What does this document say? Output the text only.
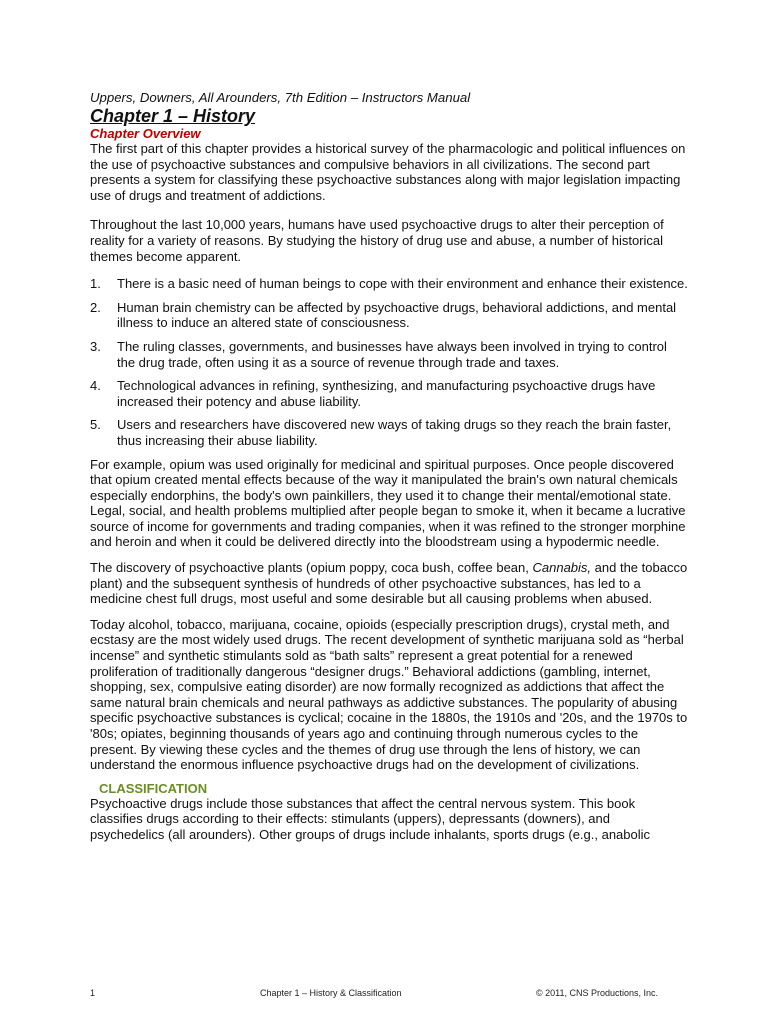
Uppers, Downers, All Arounders, 7th Edition – Instructors Manual

Chapter 1 – History
Chapter Overview

The first part of this chapter provides a historical survey of the pharmacologic and political influences on the use of psychoactive substances and compulsive behaviors in all civilizations. The second part presents a system for classifying these psychoactive substances along with major legislation impacting use of drugs and treatment of addictions.

Throughout the last 10,000 years, humans have used psychoactive drugs to alter their perception of reality for a variety of reasons. By studying the history of drug use and abuse, a number of historical themes become apparent.

1. There is a basic need of human beings to cope with their environment and enhance their existence.
2. Human brain chemistry can be affected by psychoactive drugs, behavioral addictions, and mental illness to induce an altered state of consciousness.
3. The ruling classes, governments, and businesses have always been involved in trying to control the drug trade, often using it as a source of revenue through trade and taxes.
4. Technological advances in refining, synthesizing, and manufacturing psychoactive drugs have increased their potency and abuse liability.
5. Users and researchers have discovered new ways of taking drugs so they reach the brain faster, thus increasing their abuse liability.

For example, opium was used originally for medicinal and spiritual purposes. Once people discovered that opium created mental effects because of the way it manipulated the brain's own natural chemicals especially endorphins, the body's own painkillers, they used it to change their mental/emotional state. Legal, social, and health problems multiplied after people began to smoke it, when it became a lucrative source of income for governments and trading companies, when it was refined to the stronger morphine and heroin and when it could be delivered directly into the bloodstream using a hypodermic needle.

The discovery of psychoactive plants (opium poppy, coca bush, coffee bean, Cannabis, and the tobacco plant) and the subsequent synthesis of hundreds of other psychoactive substances, has led to a medicine chest full drugs, most useful and some desirable but all causing problems when abused.

Today alcohol, tobacco, marijuana, cocaine, opioids (especially prescription drugs), crystal meth, and ecstasy are the most widely used drugs. The recent development of synthetic marijuana sold as “herbal incense” and synthetic stimulants sold as “bath salts” represent a great potential for a renewed proliferation of traditionally dangerous “designer drugs.” Behavioral addictions (gambling, internet, shopping, sex, compulsive eating disorder) are now formally recognized as addictions that affect the same natural brain chemicals and neural pathways as addictive substances. The popularity of abusing specific psychoactive substances is cyclical; cocaine in the 1880s, the 1910s and '20s, and the 1970s to '80s; opiates, beginning thousands of years ago and continuing through numerous cycles to the present. By viewing these cycles and the themes of drug use through the lens of history, we can understand the enormous influence psychoactive drugs had on the development of civilizations.

CLASSIFICATION

Psychoactive drugs include those substances that affect the central nervous system. This book classifies drugs according to their effects: stimulants (uppers), depressants (downers), and psychedelics (all arounders). Other groups of drugs include inhalants, sports drugs (e.g., anabolic

1	Chapter 1 – History & Classification	© 2011, CNS Productions, Inc.
